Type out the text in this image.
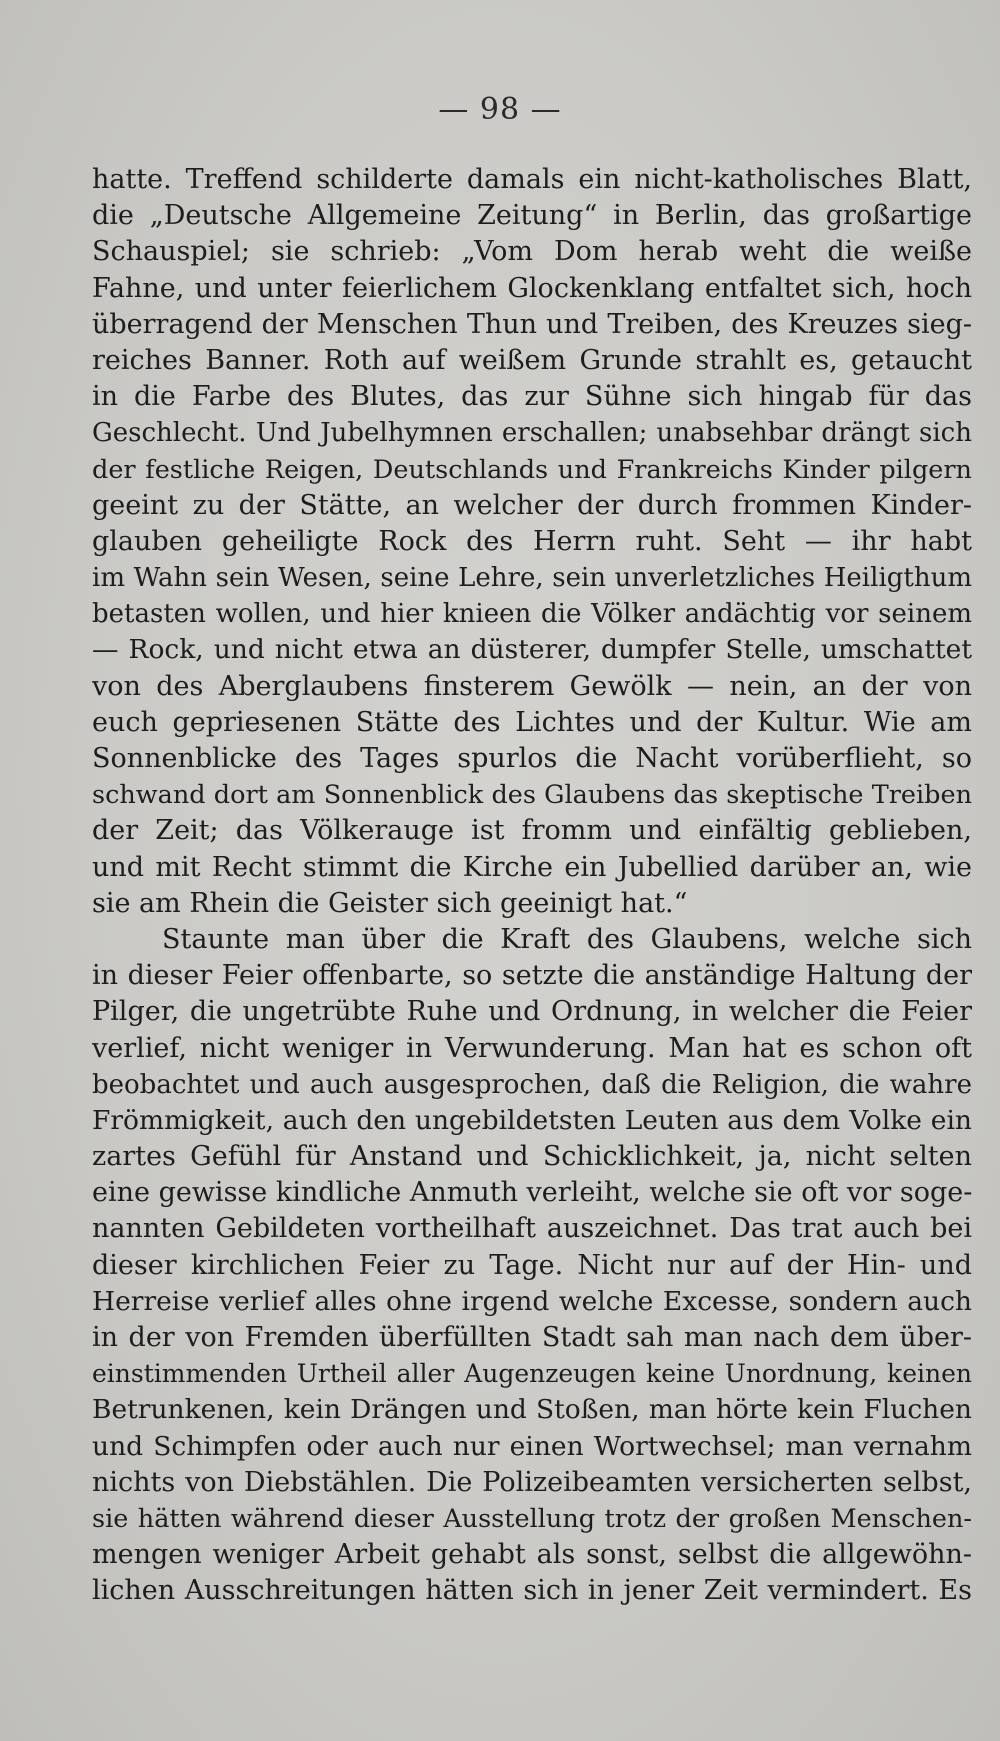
— 98 —
hatte. Treffend schilderte damals ein nicht-katholisches Blatt,
die „Deutsche Allgemeine Zeitung“ in Berlin, das großartige
Schauspiel; sie schrieb: „Vom Dom herab weht die weiße
Fahne, und unter feierlichem Glockenklang entfaltet sich, hoch
überragend der Menschen Thun und Treiben, des Kreuzes sieg-
reiches Banner. Roth auf weißem Grunde strahlt es, getaucht
in die Farbe des Blutes, das zur Sühne sich hingab für das
Geschlecht. Und Jubelhymnen erschallen; unabsehbar drängt sich
der festliche Reigen, Deutschlands und Frankreichs Kinder pilgern
geeint zu der Stätte, an welcher der durch frommen Kinder-
glauben geheiligte Rock des Herrn ruht. Seht — ihr habt
im Wahn sein Wesen, seine Lehre, sein unverletzliches Heiligthum
betasten wollen, und hier knieen die Völker andächtig vor seinem
— Rock, und nicht etwa an düsterer, dumpfer Stelle, umschattet
von des Aberglaubens finsterem Gewölk — nein, an der von
euch gepriesenen Stätte des Lichtes und der Kultur. Wie am
Sonnenblicke des Tages spurlos die Nacht vorüberflieht, so
schwand dort am Sonnenblick des Glaubens das skeptische Treiben
der Zeit; das Völkerauge ist fromm und einfältig geblieben,
und mit Recht stimmt die Kirche ein Jubellied darüber an, wie
sie am Rhein die Geister sich geeinigt hat.“
Staunte man über die Kraft des Glaubens, welche sich
in dieser Feier offenbarte, so setzte die anständige Haltung der
Pilger, die ungetrübte Ruhe und Ordnung, in welcher die Feier
verlief, nicht weniger in Verwunderung. Man hat es schon oft
beobachtet und auch ausgesprochen, daß die Religion, die wahre
Frömmigkeit, auch den ungebildetsten Leuten aus dem Volke ein
zartes Gefühl für Anstand und Schicklichkeit, ja, nicht selten
eine gewisse kindliche Anmuth verleiht, welche sie oft vor soge-
nannten Gebildeten vortheilhaft auszeichnet. Das trat auch bei
dieser kirchlichen Feier zu Tage. Nicht nur auf der Hin- und
Herreise verlief alles ohne irgend welche Excesse, sondern auch
in der von Fremden überfüllten Stadt sah man nach dem über-
einstimmenden Urtheil aller Augenzeugen keine Unordnung, keinen
Betrunkenen, kein Drängen und Stoßen, man hörte kein Fluchen
und Schimpfen oder auch nur einen Wortwechsel; man vernahm
nichts von Diebstählen. Die Polizeibeamten versicherten selbst,
sie hätten während dieser Ausstellung trotz der großen Menschen-
mengen weniger Arbeit gehabt als sonst, selbst die allgewöhn-
lichen Ausschreitungen hätten sich in jener Zeit vermindert. Es
